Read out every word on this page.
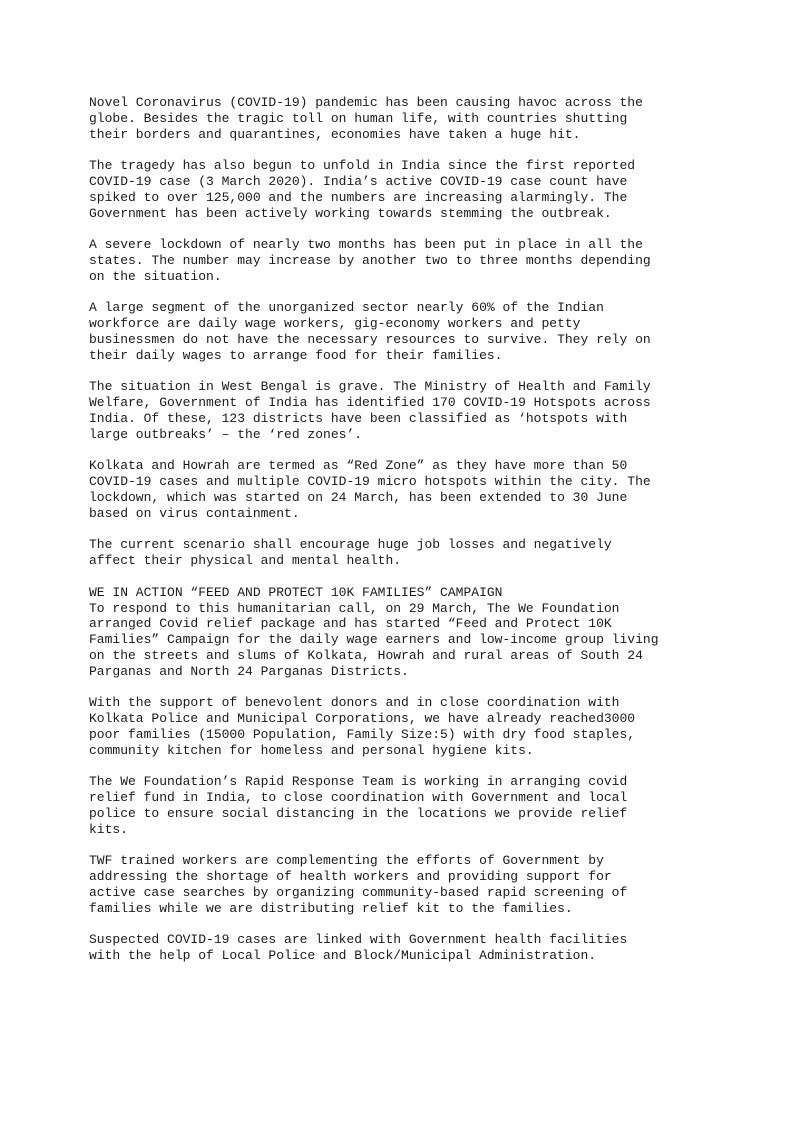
Novel Coronavirus (COVID-19) pandemic has been causing havoc across the
globe. Besides the tragic toll on human life, with countries shutting
their borders and quarantines, economies have taken a huge hit.

The tragedy has also begun to unfold in India since the first reported
COVID-19 case (3 March 2020). India’s active COVID-19 case count have
spiked to over 125,000 and the numbers are increasing alarmingly. The
Government has been actively working towards stemming the outbreak.

A severe lockdown of nearly two months has been put in place in all the
states. The number may increase by another two to three months depending
on the situation.

A large segment of the unorganized sector nearly 60% of the Indian
workforce are daily wage workers, gig-economy workers and petty
businessmen do not have the necessary resources to survive. They rely on
their daily wages to arrange food for their families.

The situation in West Bengal is grave. The Ministry of Health and Family
Welfare, Government of India has identified 170 COVID-19 Hotspots across
India. Of these, 123 districts have been classified as ‘hotspots with
large outbreaks’ – the ‘red zones’.

Kolkata and Howrah are termed as “Red Zone” as they have more than 50
COVID-19 cases and multiple COVID-19 micro hotspots within the city. The
lockdown, which was started on 24 March, has been extended to 30 June
based on virus containment.

The current scenario shall encourage huge job losses and negatively
affect their physical and mental health.

WE IN ACTION “FEED AND PROTECT 10K FAMILIES” CAMPAIGN

To respond to this humanitarian call, on 29 March, The We Foundation
arranged Covid relief package and has started “Feed and Protect 10K
Families” Campaign for the daily wage earners and low-income group living
on the streets and slums of Kolkata, Howrah and rural areas of South 24
Parganas and North 24 Parganas Districts.

With the support of benevolent donors and in close coordination with
Kolkata Police and Municipal Corporations, we have already reached3000
poor families (15000 Population, Family Size:5) with dry food staples,
community kitchen for homeless and personal hygiene kits.

The We Foundation’s Rapid Response Team is working in arranging covid
relief fund in India, to close coordination with Government and local
police to ensure social distancing in the locations we provide relief
kits.

TWF trained workers are complementing the efforts of Government by
addressing the shortage of health workers and providing support for
active case searches by organizing community-based rapid screening of
families while we are distributing relief kit to the families.

Suspected COVID-19 cases are linked with Government health facilities
with the help of Local Police and Block/Municipal Administration.
